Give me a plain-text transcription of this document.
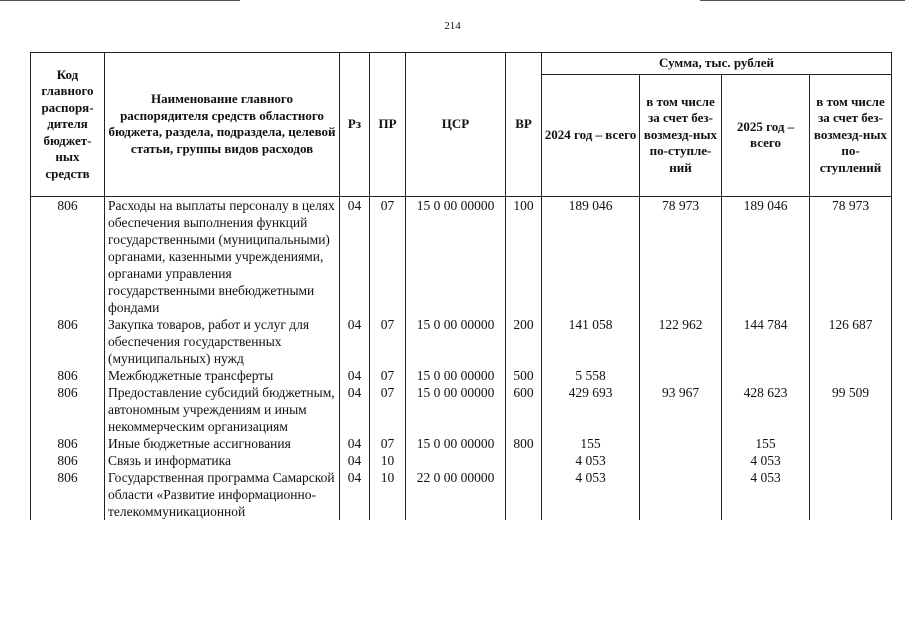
214
Код главного распоря-дителя бюджет-ных средств	Наименование главного распорядителя средств областного бюджета, раздела, подраздела, целевой статьи, группы видов расходов	Рз	ПР	ЦСР	ВР	Сумма, тыс. рублей			
						2024 год – всего	в том числе за счет без-возмезд-ных по-ступле-ний	2025 год – всего	в том числе за счет без-возмезд-ных по-ступлений
806	Расходы на выплаты персоналу в целях обеспечения выполнения функций государственными (муниципальными) органами, казенными учреждениями, органами управления государственными внебюджетными фондами	04	07	15 0 00 00000	100	189 046	78 973	189 046	78 973
806	Закупка товаров, работ и услуг для обеспечения государственных (муниципальных) нужд	04	07	15 0 00 00000	200	141 058	122 962	144 784	126 687
806	Межбюджетные трансферты	04	07	15 0 00 00000	500	5 558			
806	Предоставление субсидий бюджетным, автономным учреждениям и иным некоммерческим организациям	04	07	15 0 00 00000	600	429 693	93 967	428 623	99 509
806	Иные бюджетные ассигнования	04	07	15 0 00 00000	800	155		155	
806	Связь и информатика	04	10			4 053		4 053	
806	Государственная программа Самарской области «Развитие информационно-телекоммуникационной	04	10	22 0 00 00000		4 053		4 053	
